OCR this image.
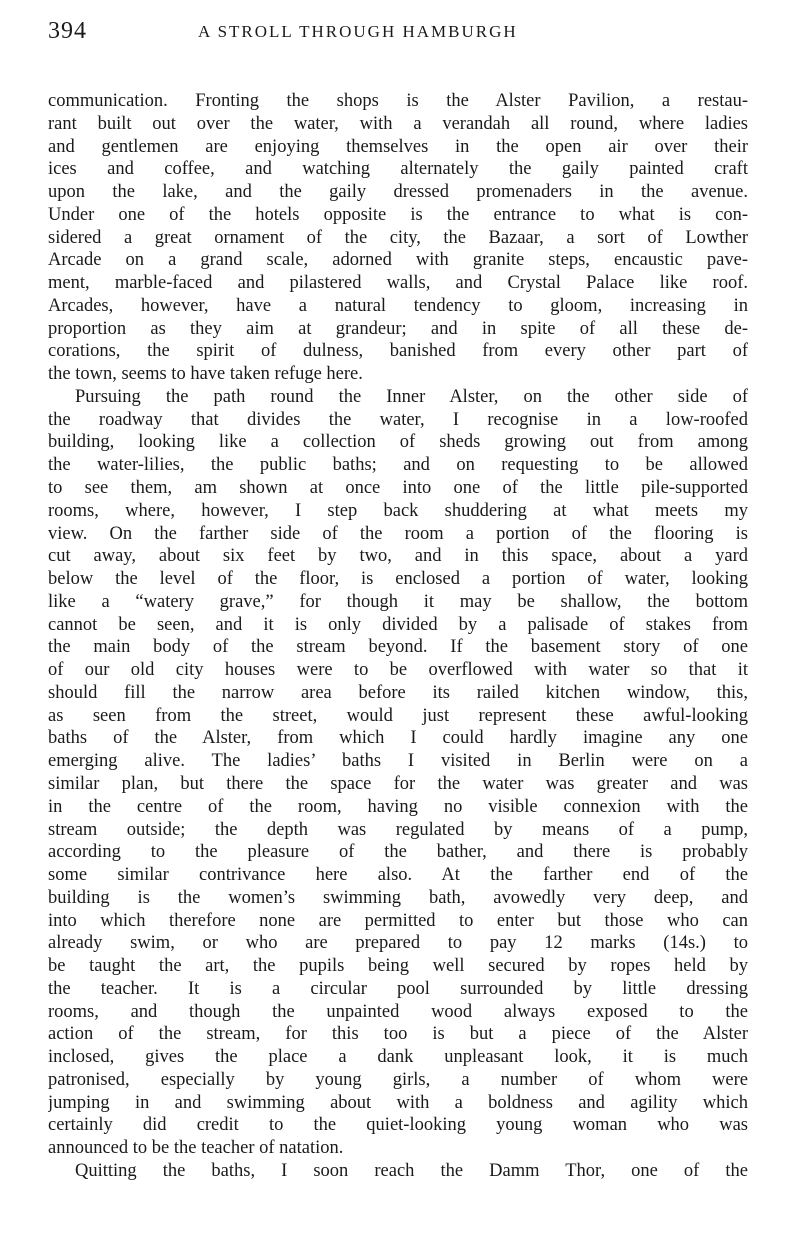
394	A STROLL THROUGH HAMBURGH
communication. Fronting the shops is the Alster Pavilion, a restau-
rant built out over the water, with a verandah all round, where ladies
and gentlemen are enjoying themselves in the open air over their
ices and coffee, and watching alternately the gaily painted craft
upon the lake, and the gaily dressed promenaders in the avenue.
Under one of the hotels opposite is the entrance to what is con-
sidered a great ornament of the city, the Bazaar, a sort of Lowther
Arcade on a grand scale, adorned with granite steps, encaustic pave-
ment, marble-faced and pilastered walls, and Crystal Palace like roof.
Arcades, however, have a natural tendency to gloom, increasing in
proportion as they aim at grandeur; and in spite of all these de-
corations, the spirit of dulness, banished from every other part of
the town, seems to have taken refuge here.
Pursuing the path round the Inner Alster, on the other side of
the roadway that divides the water, I recognise in a low-roofed
building, looking like a collection of sheds growing out from among
the water-lilies, the public baths; and on requesting to be allowed
to see them, am shown at once into one of the little pile-supported
rooms, where, however, I step back shuddering at what meets my
view. On the farther side of the room a portion of the flooring is
cut away, about six feet by two, and in this space, about a yard
below the level of the floor, is enclosed a portion of water, looking
like a “watery grave,” for though it may be shallow, the bottom
cannot be seen, and it is only divided by a palisade of stakes from
the main body of the stream beyond. If the basement story of one
of our old city houses were to be overflowed with water so that it
should fill the narrow area before its railed kitchen window, this,
as seen from the street, would just represent these awful-looking
baths of the Alster, from which I could hardly imagine any one
emerging alive. The ladies’ baths I visited in Berlin were on a
similar plan, but there the space for the water was greater and was
in the centre of the room, having no visible connexion with the
stream outside; the depth was regulated by means of a pump,
according to the pleasure of the bather, and there is probably
some similar contrivance here also. At the farther end of the
building is the women’s swimming bath, avowedly very deep, and
into which therefore none are permitted to enter but those who can
already swim, or who are prepared to pay 12 marks (14s.) to
be taught the art, the pupils being well secured by ropes held by
the teacher. It is a circular pool surrounded by little dressing
rooms, and though the unpainted wood always exposed to the
action of the stream, for this too is but a piece of the Alster
inclosed, gives the place a dank unpleasant look, it is much
patronised, especially by young girls, a number of whom were
jumping in and swimming about with a boldness and agility which
certainly did credit to the quiet-looking young woman who was
announced to be the teacher of natation.
Quitting the baths, I soon reach the Damm Thor, one of the
